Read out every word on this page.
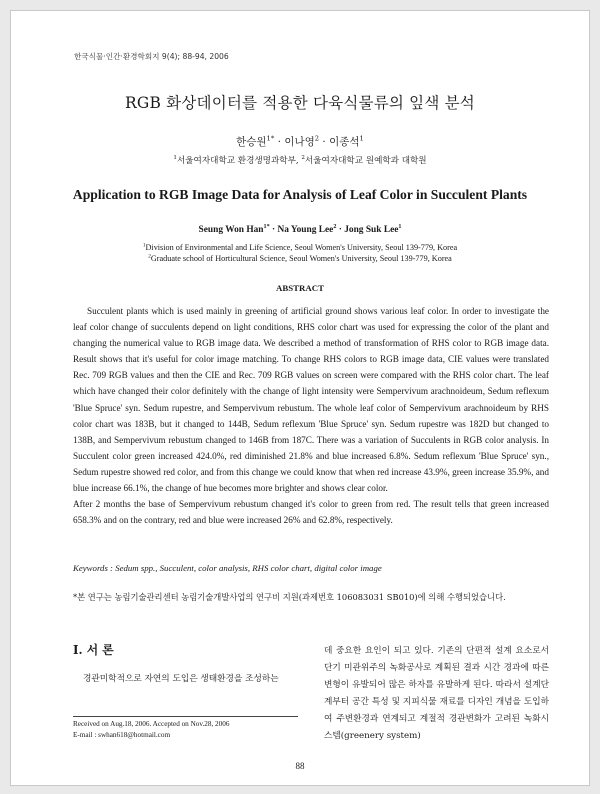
한국식물·인간·환경학회지 9(4); 88-94, 2006
RGB 화상데이터를 적용한 다육식물류의 잎색 분석
한승원$^{1*}$ · 이나영$^2$ · 이종석$^1$
$^1$서울여자대학교 환경생명과학부, $^2$서울여자대학교 원예학과 대학원
Application to RGB Image Data for Analysis of Leaf Color in Succulent Plants
Seung Won Han$^{1*}$ · Na Young Lee$^2$ · Jong Suk Lee$^1$
$^1$Division of Environmental and Life Science, Seoul Women's University, Seoul 139-779, Korea
$^2$Graduate school of Horticultural Science, Seoul Women's University, Seoul 139-779, Korea
ABSTRACT

Succulent plants which is used mainly in greening of artificial ground shows various leaf color. In order to investigate the leaf color change of succulents depend on light conditions, RHS color chart was used for expressing the color of the plant and changing the numerical value to RGB image data. We described a method of transformation of RHS color to RGB image data. Result shows that it's useful for color image matching. To change RHS colors to RGB image data, CIE values were translated Rec. 709 RGB values and then the CIE and Rec. 709 RGB values on screen were compared with the RHS color chart. The leaf which have changed their color definitely with the change of light intensity were Sempervivum arachnoideum, Sedum reflexum 'Blue Spruce' syn. Sedum rupestre, and Sempervivum rebustum. The whole leaf color of Sempervivum arachnoideum by RHS color chart was 183B, but it changed to 144B, Sedum reflexum 'Blue Spruce' syn. Sedum rupestre was 182D but changed to 138B, and Sempervivum rebustum changed to 146B from 187C. There was a variation of Succulents in RGB color analysis. In Succulent color green increased 424.0%, red diminished 21.8% and blue increased 6.8%. Sedum reflexum 'Blue Spruce' syn., Sedum rupestre showed red color, and from this change we could know that when red increase 43.9%, green increase 35.9%, and blue increase 66.1%, the change of hue becomes more brighter and shows clear color.

After 2 months the base of Sempervivum rebustum changed it's color to green from red. The result tells that green increased 658.3% and on the contrary, red and blue were increased 26% and 62.8%, respectively.

Keywords : Sedum spp., Succulent, color analysis, RHS color chart, digital color image
*본 연구는 농림기술관리센터 농림기술개발사업의 연구비 지원(과제번호 106083031 SB010)에 의해 수행되었습니다.
I. 서 론
경관미학적으로 자연의 도입은 생태환경을 조성하는
Received on Aug.18, 2006. Accepted on Nov.28, 2006
E-mail : swhan618@hotmail.com
데 중요한 요인이 되고 있다. 기존의 단편적 설계 요소로서 단기 미관위주의 녹화공사로 계획된 결과 시간 경과에 따른 변형이 유발되어 많은 하자를 유발하게 된다. 따라서 설계단계부터 공간 특성 및 지피식물 재료를 디자인 개념을 도입하여 주변환경과 연계되고 계절적 경관변화가 고려된 녹화시스템(greenery system)
88
